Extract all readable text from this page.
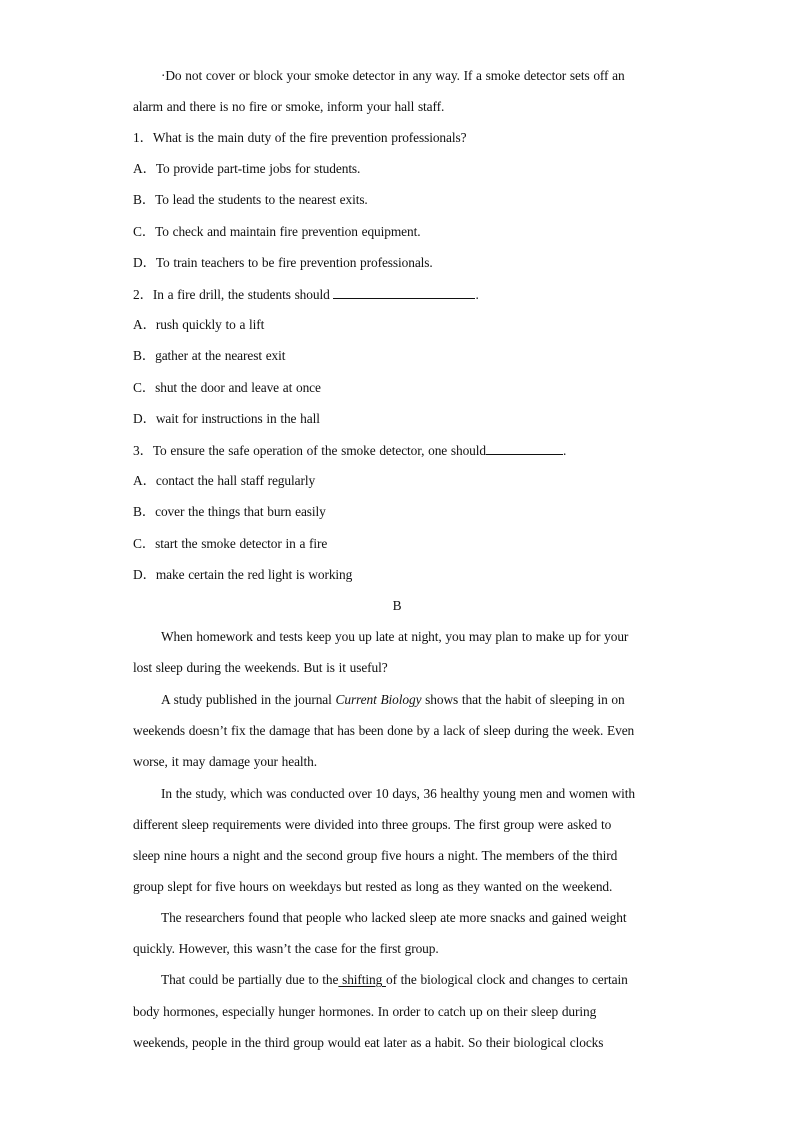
·Do not cover or block your smoke detector in any way. If a smoke detector sets off an
alarm and there is no fire or smoke, inform your hall staff.
1．What is the main duty of the fire prevention professionals?
A．To provide part-time jobs for students.
B．To lead the students to the nearest exits.
C．To check and maintain fire prevention equipment.
D．To train teachers to be fire prevention professionals.
2．In a fire drill, the students should	.
A．rush quickly to a lift
B．gather at the nearest exit
C．shut the door and leave at once
D．wait for instructions in the hall
3．To ensure the safe operation of the smoke detector, one should	.
A．contact the hall staff regularly
B．cover the things that burn easily
C．start the smoke detector in a fire
D．make certain the red light is working
B
When homework and tests keep you up late at night, you may plan to make up for your
lost sleep during the weekends. But is it useful?
A study published in the journal Current Biology shows that the habit of sleeping in on
weekends doesn’t fix the damage that has been done by a lack of sleep during the week. Even
worse, it may damage your health.
In the study, which was conducted over 10 days, 36 healthy young men and women with
different sleep requirements were divided into three groups. The first group were asked to
sleep nine hours a night and the second group five hours a night. The members of the third
group slept for five hours on weekdays but rested as long as they wanted on the weekend.
The researchers found that people who lacked sleep ate more snacks and gained weight
quickly. However, this wasn’t the case for the first group.
That could be partially due to the shifting of the biological clock and changes to certain
body hormones, especially hunger hormones. In order to catch up on their sleep during
weekends, people in the third group would eat later as a habit. So their biological clocks
